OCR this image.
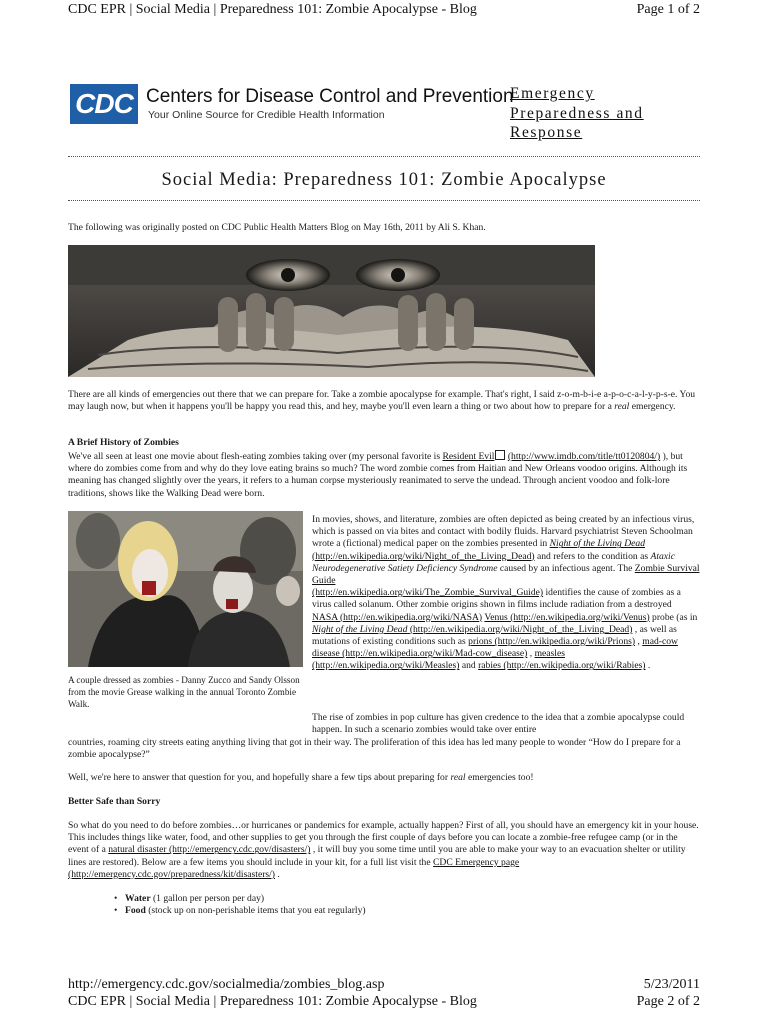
CDC EPR | Social Media | Preparedness 101: Zombie Apocalypse - Blog	Page 1 of 2
CDC Centers for Disease Control and Prevention
Your Online Source for Credible Health Information
Emergency
Preparedness and
Response
Social Media: Preparedness 101: Zombie Apocalypse
The following was originally posted on CDC Public Health Matters Blog on May 16th, 2011 by Ali S. Khan.
There are all kinds of emergencies out there that we can prepare for. Take a zombie apocalypse for example. That's right, I said z-o-m-b-i-e a-p-o-c-a-l-y-p-s-e. You may laugh now, but when it happens you'll be happy you read this, and hey, maybe you'll even learn a thing or two about how to prepare for a real emergency.
A Brief History of Zombies
We've all seen at least one movie about flesh-eating zombies taking over (my personal favorite is Resident Evil (http://www.imdb.com/title/tt0120804/) ), but where do zombies come from and why do they love eating brains so much? The word zombie comes from Haitian and New Orleans voodoo origins. Although its meaning has changed slightly over the years, it refers to a human corpse mysteriously reanimated to serve the undead. Through ancient voodoo and folk-lore traditions, shows like the Walking Dead were born.
A couple dressed as zombies - Danny Zucco and Sandy Olsson from the movie Grease walking in the annual Toronto Zombie Walk.
In movies, shows, and literature, zombies are often depicted as being created by an infectious virus, which is passed on via bites and contact with bodily fluids. Harvard psychiatrist Steven Schoolman wrote a (fictional) medical paper on the zombies presented in Night of the Living Dead
(http://en.wikipedia.org/wiki/Night_of_the_Living_Dead) and refers to the condition as Ataxic Neurodegenerative Satiety Deficiency Syndrome caused by an infectious agent. The Zombie Survival Guide
(http://en.wikipedia.org/wiki/The_Zombie_Survival_Guide) identifies the cause of zombies as a virus called solanum. Other zombie origins shown in films include radiation from a destroyed NASA (http://en.wikipedia.org/wiki/NASA) Venus (http://en.wikipedia.org/wiki/Venus) probe (as in Night of the Living Dead (http://en.wikipedia.org/wiki/Night_of_the_Living_Dead) , as well as mutations of existing conditions such as prions (http://en.wikipedia.org/wiki/Prions) , mad-cow disease (http://en.wikipedia.org/wiki/Mad-cow_disease) , measles (http://en.wikipedia.org/wiki/Measles) and rabies (http://en.wikipedia.org/wiki/Rabies) .
The rise of zombies in pop culture has given credence to the idea that a zombie apocalypse could happen. In such a scenario zombies would take over entire
countries, roaming city streets eating anything living that got in their way. The proliferation of this idea has led many people to wonder “How do I prepare for a zombie apocalypse?”
Well, we're here to answer that question for you, and hopefully share a few tips about preparing for real emergencies too!
Better Safe than Sorry
So what do you need to do before zombies…or hurricanes or pandemics for example, actually happen? First of all, you should have an emergency kit in your house. This includes things like water, food, and other supplies to get you through the first couple of days before you can locate a zombie-free refugee camp (or in the event of a natural disaster (http://emergency.cdc.gov/disasters/) , it will buy you some time until you are able to make your way to an evacuation shelter or utility lines are restored). Below are a few items you should include in your kit, for a full list visit the CDC Emergency page (http://emergency.cdc.gov/preparedness/kit/disasters/) .
• Water (1 gallon per person per day)
• Food (stock up on non-perishable items that you eat regularly)
http://emergency.cdc.gov/socialmedia/zombies_blog.asp	5/23/2011
CDC EPR | Social Media | Preparedness 101: Zombie Apocalypse - Blog	Page 2 of 2
